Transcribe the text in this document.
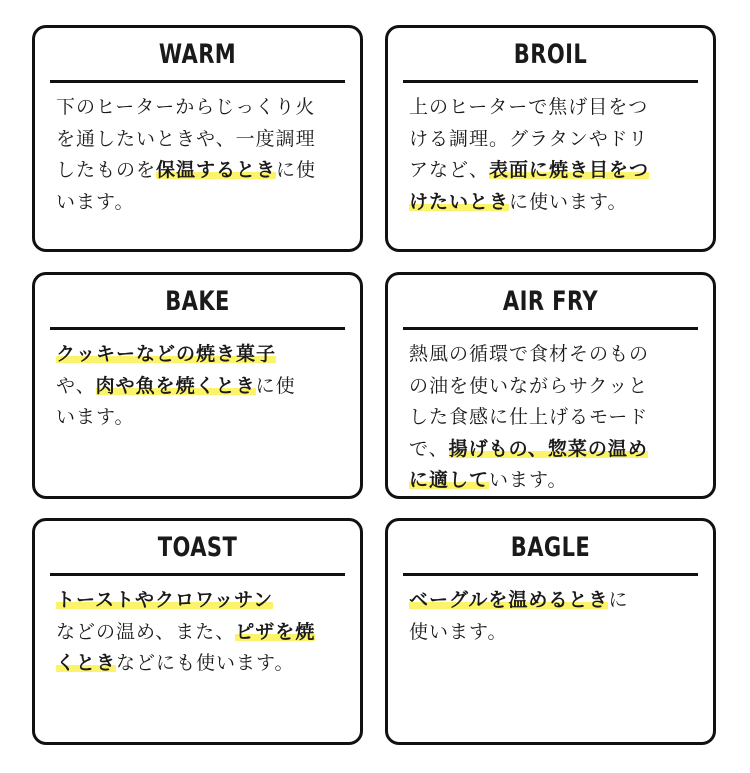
WARM

下のヒーターからじっくり火
を通したいときや、一度調理
したものを保温するときに使
います。

BROIL

上のヒーターで焦げ目をつ
ける調理。グラタンやドリ
アなど、表面に焼き目をつ
けたいときに使います。

BAKE

クッキーなどの焼き菓子
や、肉や魚を焼くときに使
います。

AIR FRY

熱風の循環で食材そのもの
の油を使いながらサクッと
した食感に仕上げるモード
で、揚げもの、惣菜の温め
に適しています。

TOAST

トーストやクロワッサン
などの温め、また、ピザを焼
くときなどにも使います。

BAGLE

ベーグルを温めるときに
使います。
